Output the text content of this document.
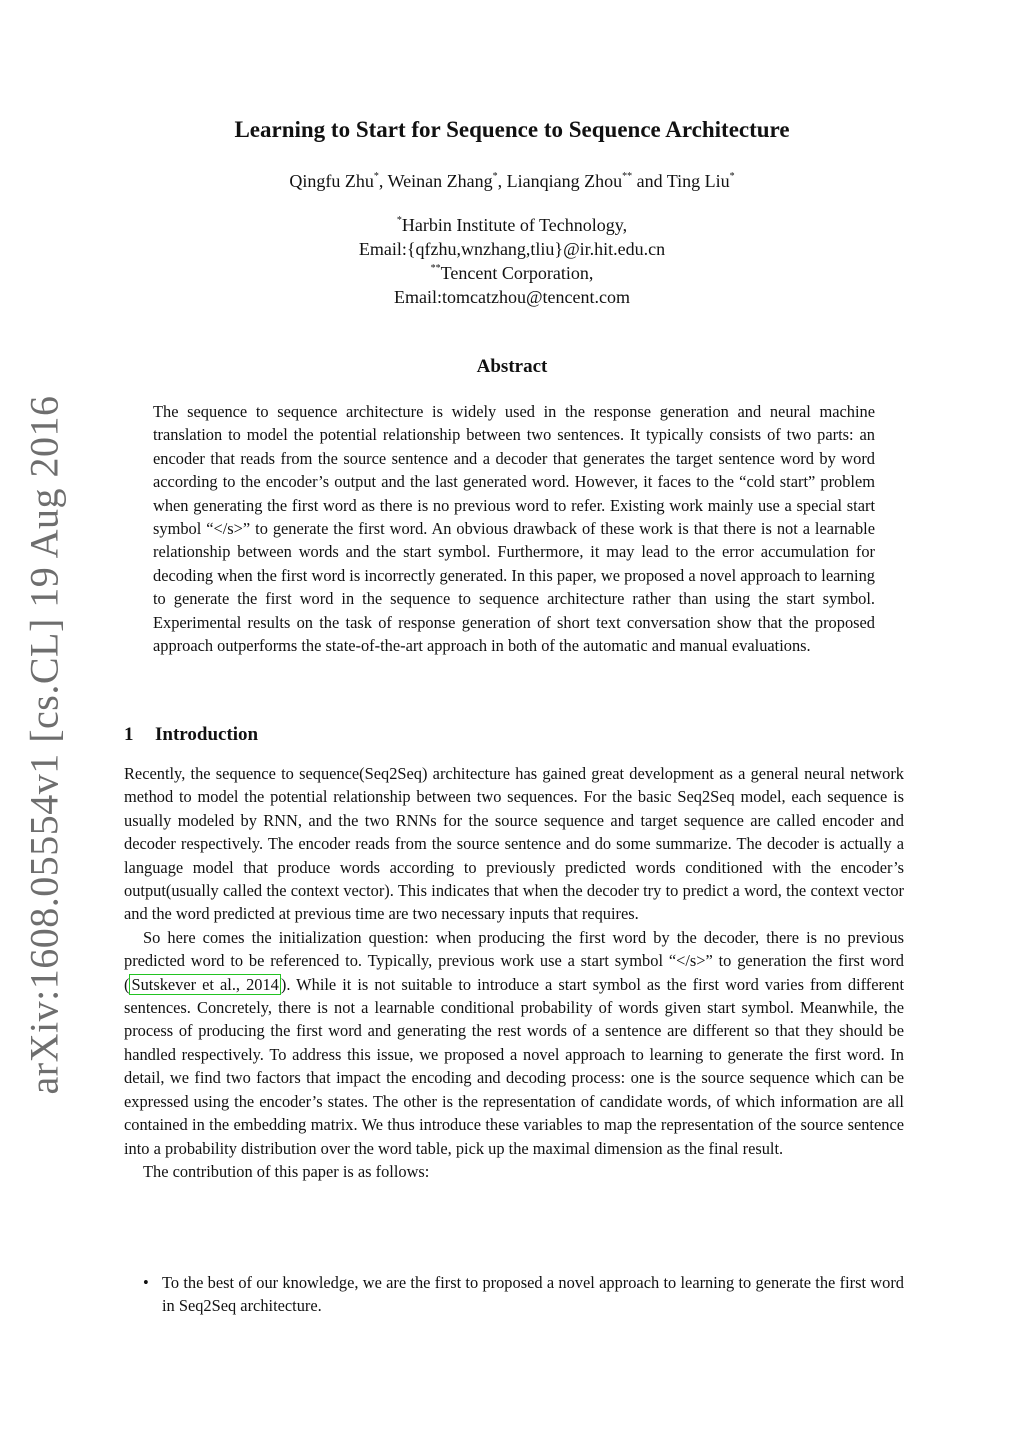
arXiv:1608.05554v1 [cs.CL] 19 Aug 2016
Learning to Start for Sequence to Sequence Architecture
Qingfu Zhu*, Weinan Zhang*, Lianqiang Zhou** and Ting Liu*
*Harbin Institute of Technology,
Email:{qfzhu,wnzhang,tliu}@ir.hit.edu.cn
**Tencent Corporation,
Email:tomcatzhou@tencent.com
Abstract
The sequence to sequence architecture is widely used in the response generation and neural machine translation to model the potential relationship between two sentences. It typically consists of two parts: an encoder that reads from the source sentence and a decoder that generates the target sentence word by word according to the encoder’s output and the last generated word. However, it faces to the “cold start” problem when generating the first word as there is no previous word to refer. Existing work mainly use a special start symbol “</s>” to generate the first word. An obvious drawback of these work is that there is not a learnable relationship between words and the start symbol. Furthermore, it may lead to the error accumulation for decoding when the first word is incorrectly generated. In this paper, we proposed a novel approach to learning to generate the first word in the sequence to sequence architecture rather than using the start symbol. Experimental results on the task of response generation of short text conversation show that the proposed approach outperforms the state-of-the-art approach in both of the automatic and manual evaluations.
1 Introduction

Recently, the sequence to sequence(Seq2Seq) architecture has gained great development as a general neural network method to model the potential relationship between two sequences. For the basic Seq2Seq model, each sequence is usually modeled by RNN, and the two RNNs for the source sequence and target sequence are called encoder and decoder respectively. The encoder reads from the source sentence and do some summarize. The decoder is actually a language model that produce words according to previously predicted words conditioned with the encoder’s output(usually called the context vector). This indicates that when the decoder try to predict a word, the context vector and the word predicted at previous time are two necessary inputs that requires.

So here comes the initialization question: when producing the first word by the decoder, there is no previous predicted word to be referenced to. Typically, previous work use a start symbol “</s>” to generation the first word ( Sutskever et al., 2014 ). While it is not suitable to introduce a start symbol as the first word varies from different sentences. Concretely, there is not a learnable conditional probability of words given start symbol. Meanwhile, the process of producing the first word and generating the rest words of a sentence are different so that they should be handled respectively. To address this issue, we proposed a novel approach to learning to generate the first word. In detail, we find two factors that impact the encoding and decoding process: one is the source sequence which can be expressed using the encoder’s states. The other is the representation of candidate words, of which information are all contained in the embedding matrix. We thus introduce these variables to map the representation of the source sentence into a probability distribution over the word table, pick up the maximal dimension as the final result.

The contribution of this paper is as follows:

• To the best of our knowledge, we are the first to proposed a novel approach to learning to generate the first word in Seq2Seq architecture.
